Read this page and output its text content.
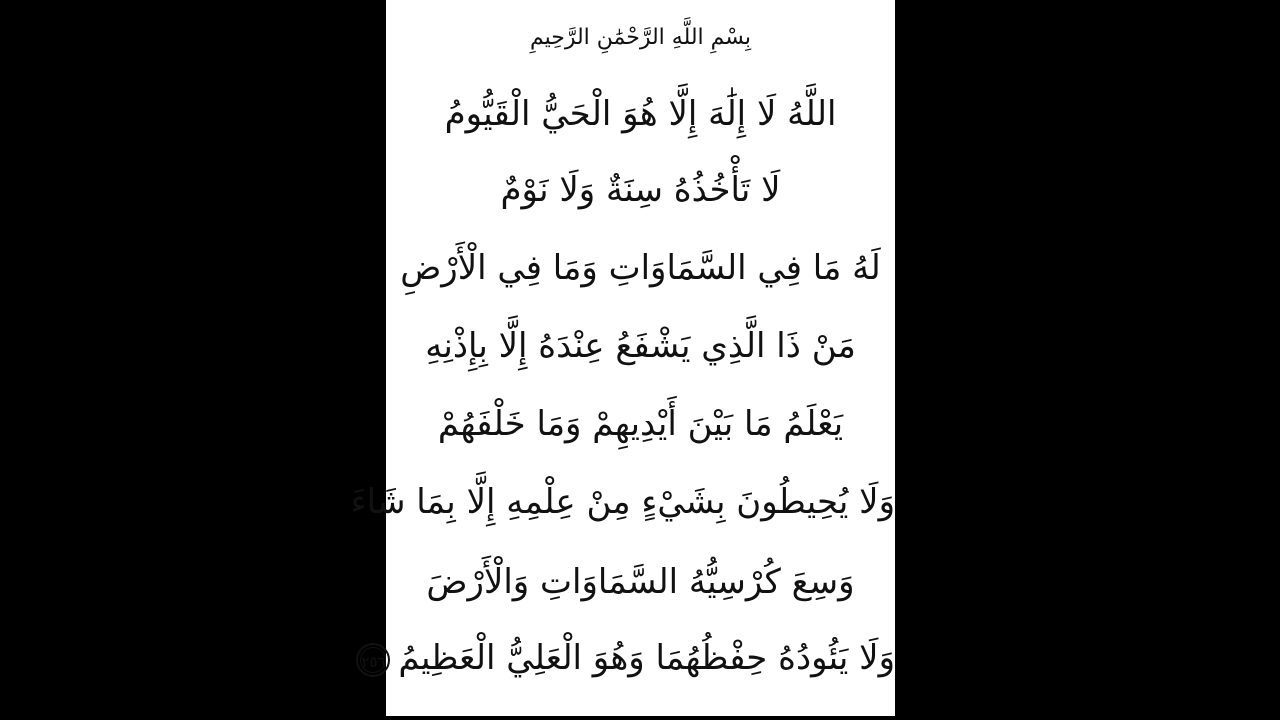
بِسْمِ اللَّهِ الرَّحْمَٰنِ الرَّحِيمِ
اللَّهُ لَا إِلَٰهَ إِلَّا هُوَ الْحَيُّ الْقَيُّومُ
لَا تَأْخُذُهُ سِنَةٌ وَلَا نَوْمٌ
لَهُ مَا فِي السَّمَاوَاتِ وَمَا فِي الْأَرْضِ
مَنْ ذَا الَّذِي يَشْفَعُ عِنْدَهُ إِلَّا بِإِذْنِهِ
يَعْلَمُ مَا بَيْنَ أَيْدِيهِمْ وَمَا خَلْفَهُمْ
وَلَا يُحِيطُونَ بِشَيْءٍ مِنْ عِلْمِهِ إِلَّا بِمَا شَاءَ
وَسِعَ كُرْسِيُّهُ السَّمَاوَاتِ وَالْأَرْضَ
وَلَا يَئُودُهُ حِفْظُهُمَا وَهُوَ الْعَلِيُّ الْعَظِيمُ٢٥٦
